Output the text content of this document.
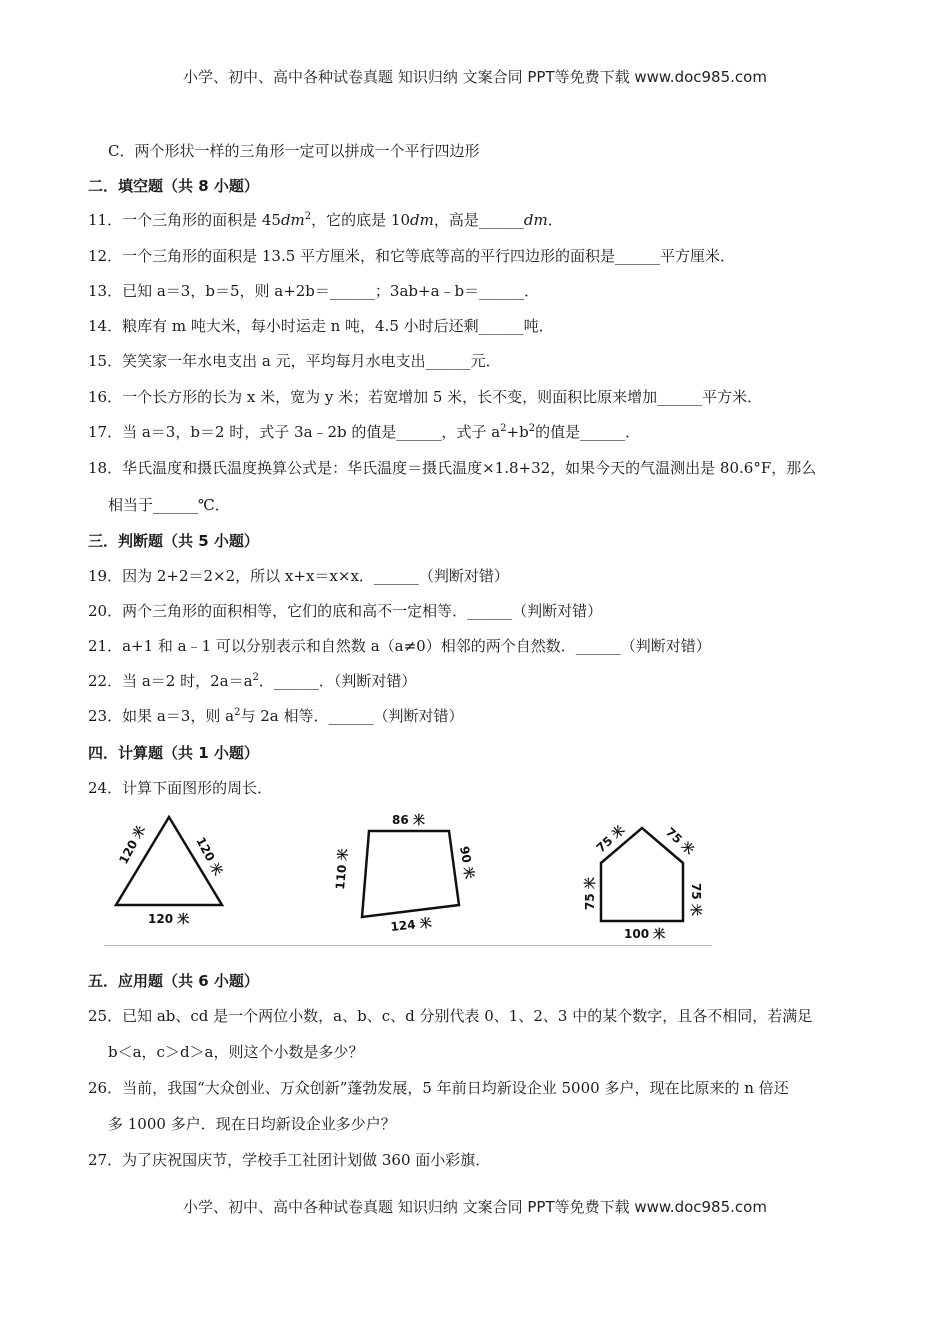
小学、初中、高中各种试卷真题 知识归纳 文案合同 PPT等免费下载 www.doc985.com
C．两个形状一样的三角形一定可以拼成一个平行四边形
二．填空题（共 8 小题）
11．一个三角形的面积是 $45dm^2$，它的底是 10dm，高是______dm．
12．一个三角形的面积是 13.5 平方厘米，和它等底等高的平行四边形的面积是______平方厘米．
13．已知 a＝3，b＝5，则 a+2b＝______；3ab+a﹣b＝______．
14．粮库有 m 吨大米，每小时运走 n 吨，4.5 小时后还剩______吨．
15．笑笑家一年水电支出 a 元，平均每月水电支出______元．
16．一个长方形的长为 x 米，宽为 y 米；若宽增加 5 米，长不变，则面积比原来增加______平方米．
17．当 a＝3，b＝2 时，式子 3a﹣2b 的值是______，式子 $a^2+b^2$的值是______．
18．华氏温度和摄氏温度换算公式是：华氏温度＝摄氏温度×1.8+32，如果今天的气温测出是 80.6°F，那么
相当于______℃．
三．判断题（共 5 小题）
19．因为 2+2＝2×2，所以 x+x＝x×x．______（判断对错）
20．两个三角形的面积相等，它们的底和高不一定相等．______（判断对错）
21．a+1 和 a﹣1 可以分别表示和自然数 a（a≠0）相邻的两个自然数．______（判断对错）
22．当 a＝2 时，$2a=a^2$．______．（判断对错）
23．如果 a＝3，则 $a^2$与 2a 相等．______（判断对错）
四．计算题（共 1 小题）
24．计算下面图形的周长．
120 米	120 米
120 米
86 米
110 米	90 米
124 米
75 米	75 米
75 米	75 米
100 米
五．应用题（共 6 小题）
25．已知 ab、cd 是一个两位小数，a、b、c、d 分别代表 0、1、2、3 中的某个数字，且各不相同，若满足
b＜a，c＞d＞a，则这个小数是多少？
26．当前，我国“大众创业、万众创新”蓬勃发展，5 年前日均新设企业 5000 多户，现在比原来的 n 倍还
多 1000 多户．现在日均新设企业多少户？
27．为了庆祝国庆节，学校手工社团计划做 360 面小彩旗．
小学、初中、高中各种试卷真题 知识归纳 文案合同 PPT等免费下载 www.doc985.com
